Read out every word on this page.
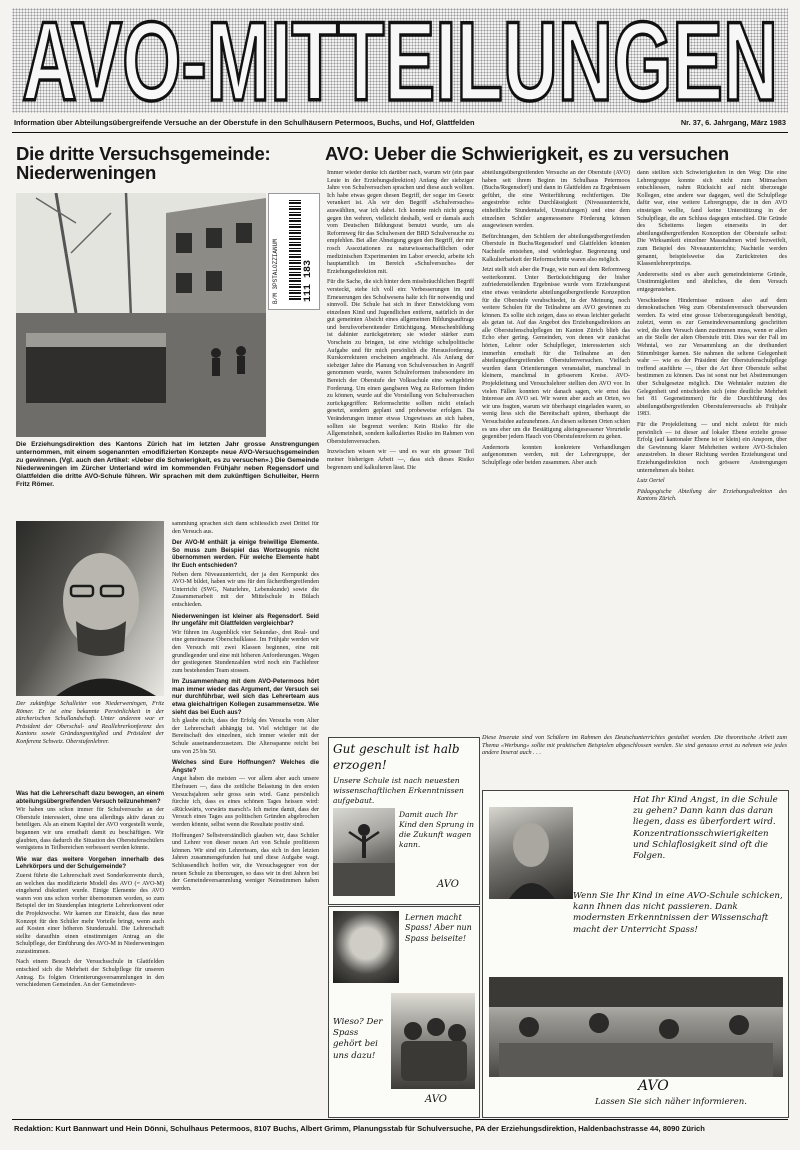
AVO-MITTEILUNGEN
Information über Abteilungsübergreifende Versuche an der Oberstufe in den Schulhäusern Petermoos, Buchs, und Hof, Glattfelden	Nr. 37, 6. Jahrgang, März 1983
Die dritte Versuchsgemeinde: Niederweningen
B/M 3PSTALOZZIANUM 111 183
Die Erziehungsdirektion des Kantons Zürich hat im letzten Jahr grosse Anstrengungen unternommen, mit einem sogenannten «modifizierten Konzept» neue AVO-Versuchsgemeinden zu gewinnen. (Vgl. auch den Artikel: «Ueber die Schwierigkeit, es zu versuchen».) Die Gemeinde Niederweningen im Zürcher Unterland wird im kommenden Frühjahr neben Regensdorf und Glattfelden die dritte AVO-Schule führen. Wir sprachen mit dem zukünftigen Schulleiter, Herrn Fritz Römer.
Der zukünftige Schulleiter von Niederweningen, Fritz Römer. Er ist eine bekannte Persönlichkeit in der zürcherischen Schullandschaft. Unter anderem war er Präsident der Oberschul- und Reallehrerkonferenz des Kantons sowie Gründungsmitglied und Präsident der Konferenz Schweiz. Oberstufenlehrer.

Was hat die Lehrerschaft dazu bewogen, an einem abteilungsübergreifenden Versuch teilzunehmen?

Wir haben uns schon immer für Schulversuche an der Oberstufe interessiert, ohne uns allerdings aktiv daran zu beteiligen. Als an einem Kapitel der AVO vorgestellt wurde, begannen wir uns ernsthaft damit zu beschäftigen. Wir glaubten, dass dadurch die Situation des Oberstufenschülers wenigstens in Teilbereichen verbessert werden könnte.

Wie war das weitere Vorgehen innerhalb des Lehrkörpers und der Schulgemeinde?

Zuerst führte die Lehrerschaft zwei Sonderkonvente durch, an welchen das modifizierte Modell des AVO (= AVO-M) eingehend diskutiert wurde. Einige Elemente des AVO waren von uns schon vorher übernommen worden, so zum Beispiel der im Stundenplan integrierte Lehrerkonvent oder die Projektwoche. Wir kamen zur Einsicht, dass das neue Konzept für den Schüler mehr Vorteile bringt, wenn auch auf Kosten einer höheren Stundenzahl. Die Lehrerschaft stellte daraufhin einen einstimmigen Antrag an die Schulpflege, der Einführung des AVO-M in Niederweningen zuzustimmen.

Nach einem Besuch der Versuchsschule in Glattfelden entschied sich die Mehrheit der Schulpflege für unseren Antrag. Es folgten Orientierungsversammlungen in den verschiedenen Gemeinden. An der Gemeindever-

sammlung sprachen sich dann schliesslich zwei Drittel für den Versuch aus.

Der AVO-M enthält ja einige freiwillige Elemente. So muss zum Beispiel das Wortzeugnis nicht übernommen werden. Für welche Elemente habt Ihr Euch entschieden?

Neben dem Niveauunterricht, der ja den Kernpunkt des AVO-M bildet, haben wir uns für den fächerübergreifenden Unterricht (SWG, Naturlehre, Lebenskunde) sowie die Zusammenarbeit mit der Mittelschule in Bülach entschieden.

Niederweningen ist kleiner als Regensdorf. Seid Ihr ungefähr mit Glattfelden vergleichbar?

Wir führen im Augenblick vier Sekundar-, drei Real- und eine gemeinsame Oberschulklasse. Im Frühjahr werden wir den Versuch mit zwei Klassen beginnen, eine mit grundlegender und eine mit höheren Anforderungen. Wegen der gestiegenen Stundenzahlen wird noch ein Fachlehrer zum bestehenden Team stossen.

Im Zusammenhang mit dem AVO-Petermoos hört man immer wieder das Argument, der Versuch sei nur durchführbar, weil sich das Lehrerteam aus etwa gleichaltrigen Kollegen zusammensetze. Wie sieht das bei Euch aus?

Ich glaube nicht, dass der Erfolg des Versuchs vom Alter der Lehrerschaft abhängig ist. Viel wichtiger ist die Bereitschaft des einzelnen, sich immer wieder mit der Schule auseinanderzusetzen. Die Altersspanne reicht bei uns von 25 bis 50.

Welches sind Eure Hoffnungen? Welches die Ängste?

Angst haben die meisten — vor allem aber auch unsere Ehefrauen —, dass die zeitliche Belastung in den ersten Versuchsjahren sehr gross sein wird. Ganz persönlich fürchte ich, dass es eines schönen Tages heissen wird: «Rückwärts, vorwärts marsch!» Ich meine damit, dass der Versuch eines Tages aus politischen Gründen abgebrochen werden könnte, selbst wenn die Resultate positiv sind.

Hoffnungen? Selbstverständlich glauben wir, dass Schüler und Lehrer von dieser neuen Art von Schule profitieren können. Wir sind ein Lehrerteam, das sich in den letzten Jahren zusammengefunden hat und diese Aufgabe wagt. Schlussendlich hoffen wir, die Versuchsgegner von der neuen Schule zu überzeugen, so dass wir in drei Jahren bei der Gemeindeversammlung weniger Neinstimmen haben werden.

AVO: Ueber die Schwierigkeit, es zu versuchen

Immer wieder denke ich darüber nach, warum wir (ein paar Leute in der Erziehungsdirektion) Anfang der siebziger Jahre von Schulversuchen sprachen und diese auch wollten. Ich habe etwas gegen diesen Begriff, der sogar im Gesetz verankert ist. Als wir den Begriff «Schulversuche» auswählten, war ich dabei. Ich konnte mich nicht genug gegen ihn wehren, vielleicht deshalb, weil er damals auch vom Deutschen Bildungsrat benutzt wurde, um als Reformweg für das Schulwesen der BRD Schulversuche zu empfehlen. Bei aller Abneigung gegen den Begriff, der mir rosch Assoziationen zu naturwissenschaftlichen oder medizinischen Experimenten im Labor erweckt, arbeite ich hauptamtlich im Bereich «Schulversuche» der Erziehungsdirektion mit.

Für die Sache, die sich hinter dem missbräuchlichen Begriff versteckt, stehe ich voll ein: Verbesserungen im und Erneuerungen des Schulwesens halte ich für notwendig und sinnvoll. Die Schule hat sich in ihrer Entwicklung vom einzelnen Kind und Jugendlichen entfernt, natürlich in der gut gemeinten Absicht eines allgemeinen Bildungsauftrags und berufsvorbereitender Ertüchtigung. Menschenbildung ist dahinter zurückgetreten; sie wieder stärker zum Vorschein zu bringen, ist eine wichtige schulpolitische Aufgabe und für mich persönlich die Herausforderung. Kurskorrekturen erscheinen angebracht. Als Anfang der siebziger Jahre die Planung von Schulversuchen in Angriff genommen wurde, waren Schulreformen insbesondere im Bereich der Oberstufe der Volksschule eine weitgehörte Forderung. Um einen gangbaren Weg zu Reformen finden zu können, wurde auf die Vorstellung von Schulversuchen zurückgegriffen: Reformschritte sollten nicht einfach gesetzt, sondern geplant und probeweise erfolgen. Da Veränderungen immer etwas Ungewisses an sich haben, sollten sie begrenzt werden: Kein Risiko für die Allgemeinheit, sondern kalkuliertes Risiko im Rahmen von Oberstufenversuchen.

Inzwischen wissen wir — und es war ein grosser Teil meiner bisherigen Arbeit —, dass sich dieses Risiko begrenzen und kalkulieren lässt. Die

abteilungsübergreifenden Versuche an der Oberstufe (AVO) haben seit ihrem Beginn im Schulhaus Petermoos (Buchs/Regensdorf) und dann in Glattfelden zu Ergebnissen geführt, die eine Weiterführung rechtfertigen. Die angestrebte echte Durchlässigkeit (Niveauunterricht, einheitliche Stundentafel, Umstufungen) und eine dem einzelnen Schüler angemessenere Förderung können ausgewiesen werden.

Befürchtungen, den Schülern der abteilungsübergreifenden Oberstufe in Buchs/Regensdorf und Glattfelden könnten Nachteile entstehen, sind widerlegbar. Begrenzung und Kalkulierbarkeit der Reformschritte waren also möglich.

Jetzt stellt sich aber die Frage, wie nun auf dem Reformweg weiterkommt. Unter Berücksichtigung der bisher zufriedenstellenden Ergebnisse wurde vom Erziehungsrat eine etwas veränderte abteilungsübergreifende Konzeption für die Oberstufe verabschiedet, in der Meinung, noch weitere Schulen für die Teilnahme am AVO gewinnen zu können. Es sollte sich zeigen, dass so etwas leichter gedacht als getan ist. Auf das Angebot des Erziehungsdirektors an alle Oberstufenschulpflegen im Kanton Zürich blieb das Echo eher gering. Gemeinden, von denen wir zunächst hörten, Lehrer oder Schulpfleger, interessierten sich immerhin ernsthaft für die Teilnahme an den abteilungsübergreifenden Oberstufenversuchen. Vielfach wurden dann Orientierungen veranstaltet, manchmal in kleinem, manchmal in grösserem Kreise. AVO-Projektleitung und Versuchslehrer stellten den AVO vor. In vielen Fällen konnten wir danach sagen, wie ernst das Interesse am AVO sei. Wir waren aber auch an Orten, wo wir uns fragten, warum wir überhaupt eingeladen waren, so wenig liess sich die Bereitschaft spüren, überhaupt die Versuchsidee aufzunehmen. An diesen seltenen Orten schien es uns eher um die Bestätigung alteingesessener Vorurteile gegenüber jedem Hauch von Oberstufenreform zu gehen.

Andernorts konnten konkretere Verhandlungen aufgenommen werden, mit der Lehrergruppe, der Schulpflege oder beiden zusammen. Aber auch

dann stellten sich Schwierigkeiten in den Weg: Die eine Lehrergruppe konnte sich nicht zum Mitmachen entschliessen, nahm Rücksicht auf nicht überzeugte Kollegen, eine andere war dagegen, weil die Schulpflege dafür war, eine weitere Lehrergruppe, die in den AVO einsteigen wollte, fand keine Unterstützung in der Schulpflege, die am Schluss dagegen entschied. Die Gründe des Scheiterns liegen einerseits in der abteilungsübergreifenden Konzeption der Oberstufe selbst: Die Wirksamkeit einzelner Massnahmen wird bezweifelt, zum Beispiel des Niveauunterrichts; Nachteile werden genannt, beispielsweise das Zurücktreten des Klassenlehrerprinzips.

Andererseits sind es aber auch gemeindeinterne Gründe, Unstimmigkeiten und ähnliches, die dem Versuch entgegenstehen.

Verschiedene Hindernisse müssen also auf dem demokratischen Weg zum Oberstufenversuch überwunden werden. Es wird eine grosse Ueberzeugungskraft benötigt, zuletzt, wenn es zur Gemeindeversammlung geschritten wird, die dem Versuch dann zustimmen muss, wenn er allen an die Stelle der alten Oberstufe tritt. Dies war der Fall im Wehntal, wo zur Versammlung an die dreihundert Stimmbürger kamen. Sie nahmen die seltene Gelegenheit wahr — wie es der Präsident der Oberstufenschulpflege treffend ausführte —, über die Art ihrer Oberstufe selbst bestimmen zu können. Das ist sonst nur bei Abstimmungen über Schulgesetze möglich. Die Wehntaler nutzten die Gelegenheit und entschieden sich (eine deutliche Mehrheit bei 81 Gegenstimmen) für die Durchführung des abteilungsübergreifenden Oberstufenversuchs ab Frühjahr 1983.

Für die Projektleitung — und nicht zuletzt für mich persönlich — ist dieser auf lokaler Ebene erzielte grosse Erfolg (auf kantonaler Ebene ist er klein) ein Ansporn, über die Gewinnung klarer Mehrheiten weitere AVO-Schulen anzustreben. In dieser Richtung werden Erziehungsrat und Erziehungsdirektion noch grössere Anstrengungen unternehmen als bisher.

Lutz Oertel

Pädagogische Abteilung der Erziehungsdirektion des Kantons Zürich.

Diese Inserate sind von Schülern im Rahmen des Deutschunterrichtes gestaltet worden. Die theoretische Arbeit zum Thema «Werbung» sollte mit praktischen Beispielen abgeschlossen werden. Sie sind genauso ernst zu nehmen wie jedes andere Inserat auch . . .
Gut geschult ist halb erzogen!
Unsere Schule ist nach neuesten wissenschaftlichen Erkenntnissen aufgebaut.
Damit auch Ihr Kind den Sprung in die Zukunft wagen kann.
AVO
Lernen macht Spass! Aber nun Spass beiseite!
Wieso? Der Spass gehört bei uns dazu!
AVO
Hat Ihr Kind Angst, in die Schule zu gehen? Dann kann das daran liegen, dass es überfordert wird. Konzentrationsschwierigkeiten und Schlaflosigkeit sind oft die Folgen.
Wenn Sie Ihr Kind in eine AVO-Schule schicken, kann Ihnen das nicht passieren. Dank modernsten Erkenntnissen der Wissenschaft macht der Unterricht Spass!
AVO
Lassen Sie sich näher informieren.
Redaktion: Kurt Bannwart und Hein Dönni, Schulhaus Petermoos, 8107 Buchs, Albert Grimm, Planungsstab für Schulversuche, PA der Erziehungsdirektion, Haldenbachstrasse 44, 8090 Zürich
